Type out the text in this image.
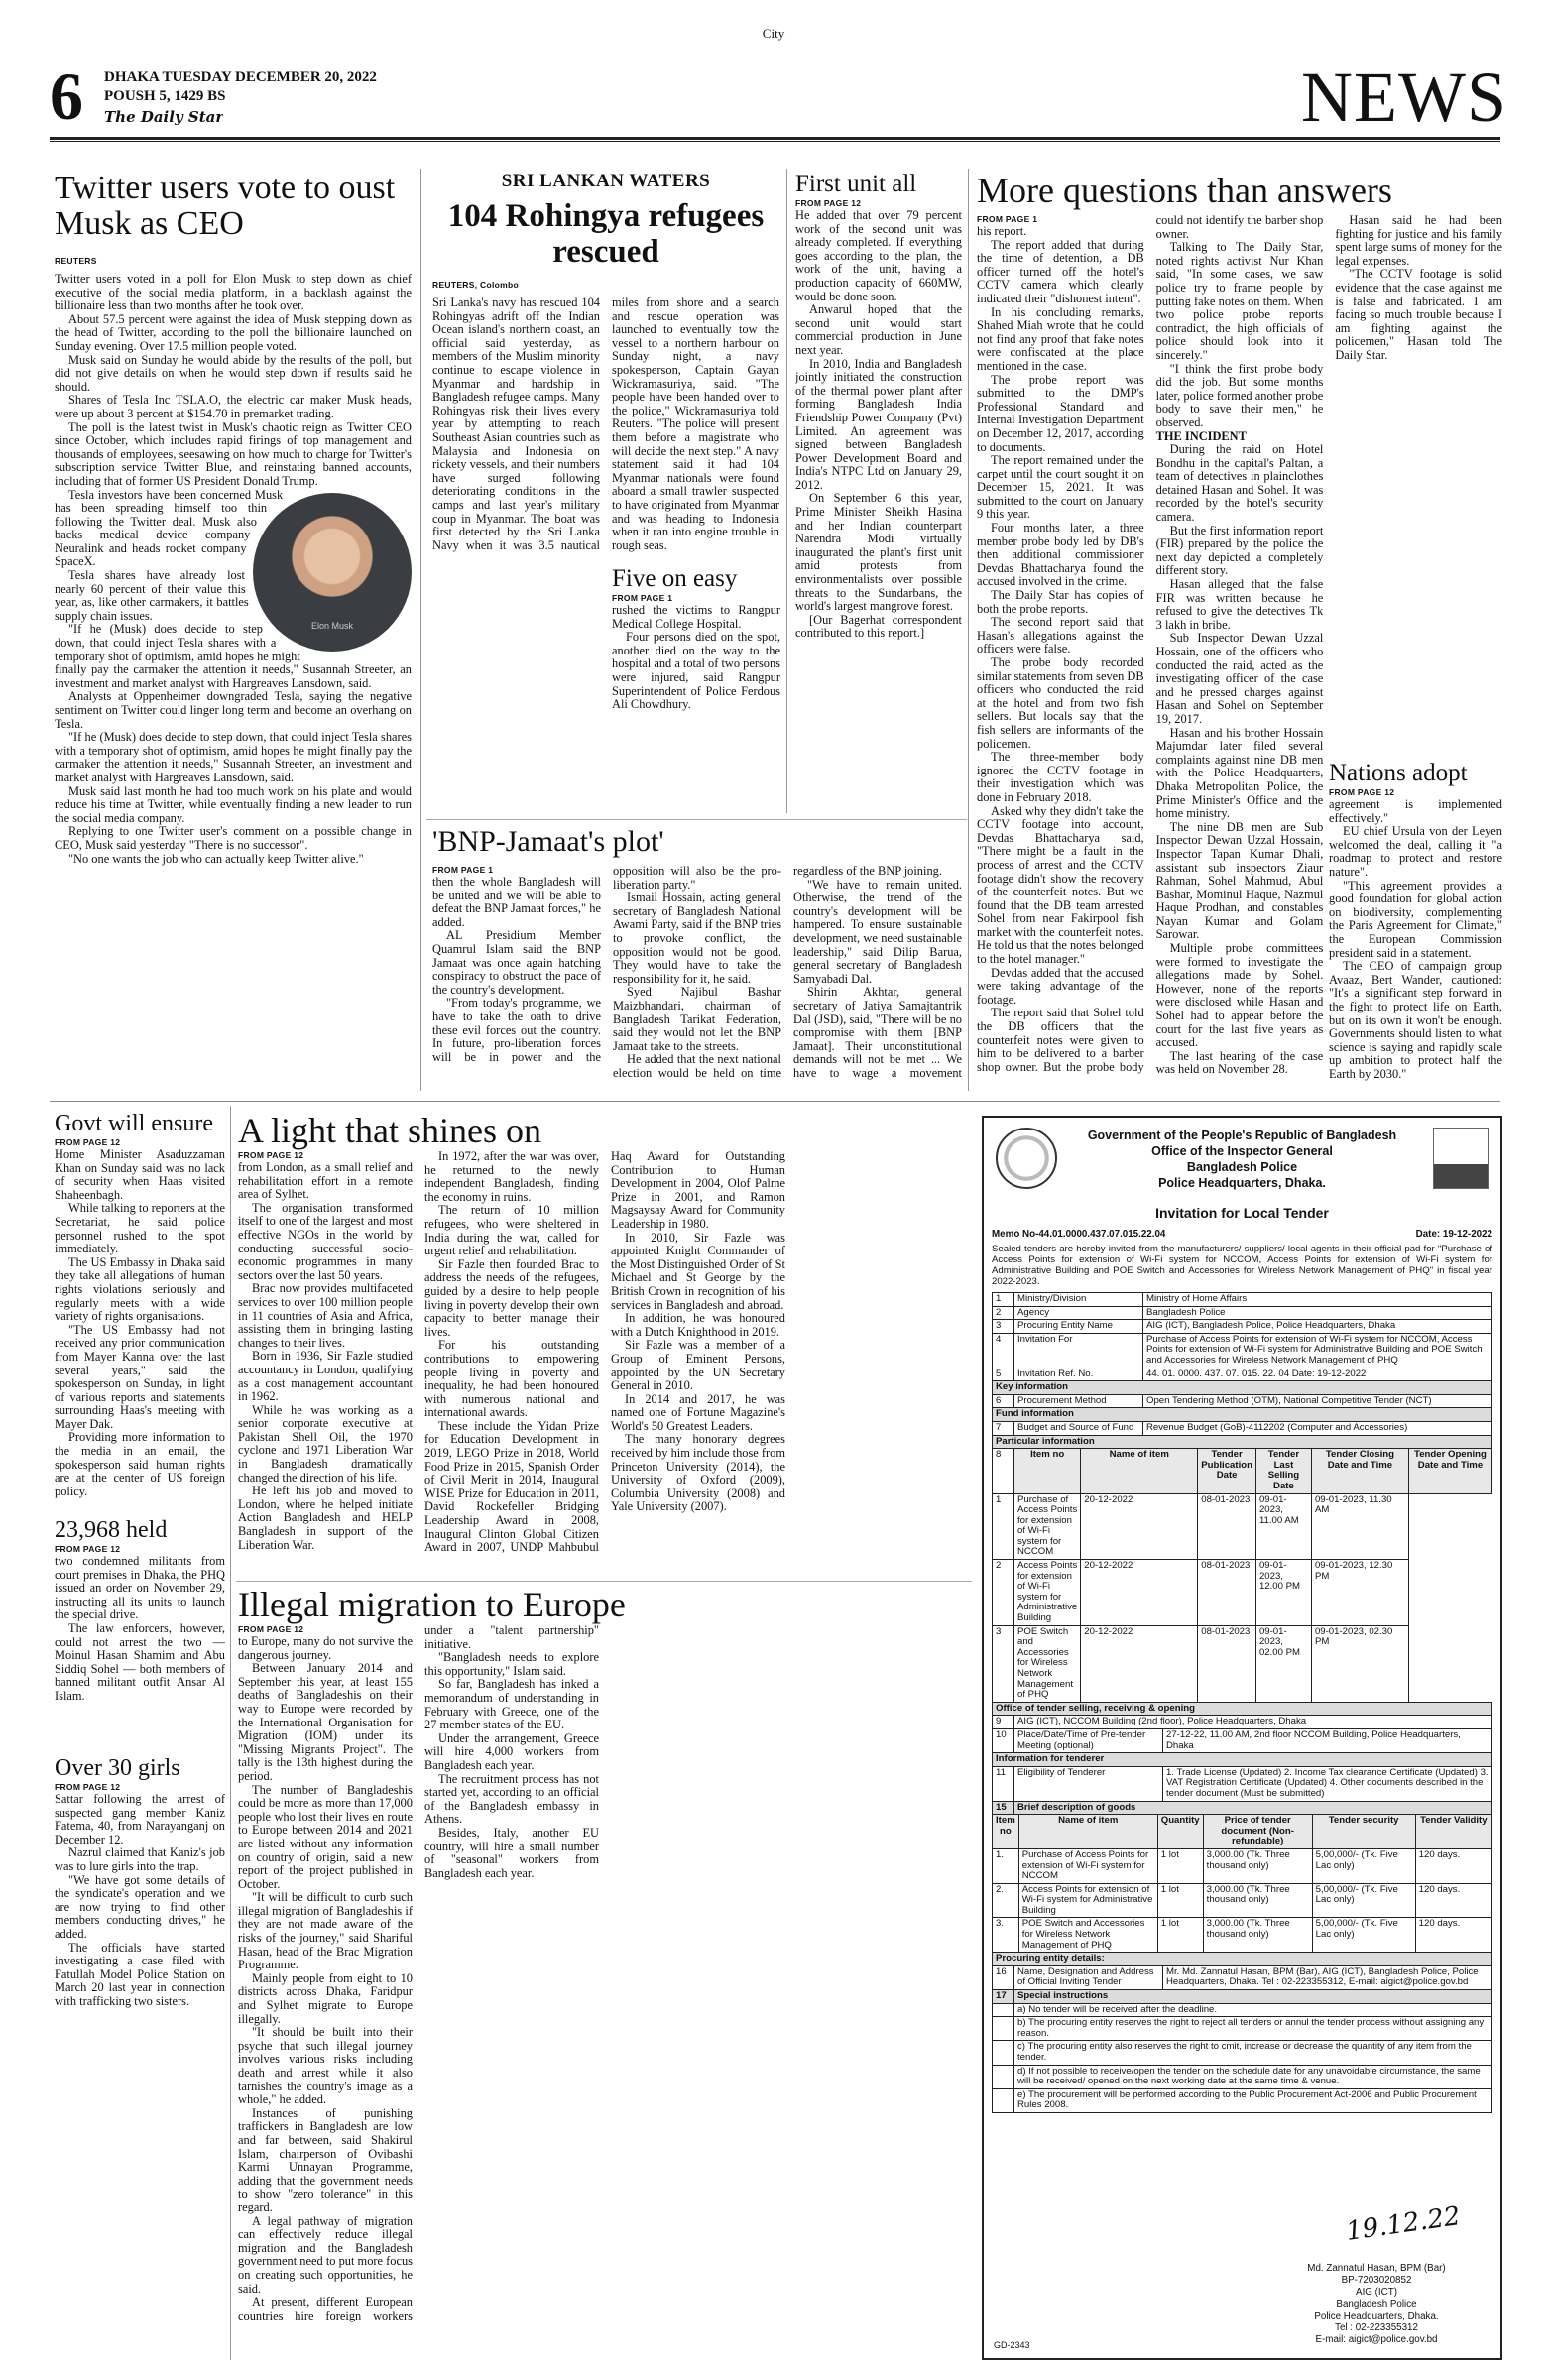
City
6 DHAKA TUESDAY DECEMBER 20, 2022
POUSH 5, 1429 BS
The Daily Star	NEWS
Twitter users vote to oust Musk as CEO
REUTERS

Twitter users voted in a poll for Elon Musk to step down as chief executive of the social media platform, in a backlash against the billionaire less than two months after he took over.

About 57.5 percent were against the idea of Musk stepping down as the head of Twitter, according to the poll the billionaire launched on Sunday evening. Over 17.5 million people voted.

Musk said on Sunday he would abide by the results of the poll, but did not give details on when he would step down if results said he should.

Shares of Tesla Inc TSLA.O, the electric car maker Musk heads, were up about 3 percent at $154.70 in premarket trading.

The poll is the latest twist in Musk's chaotic reign as Twitter CEO since October, which includes rapid firings of top management and thousands of employees, seesawing on how much to charge for Twitter's subscription service Twitter Blue, and reinstating banned accounts, including that of former US President Donald Trump.

Elon Musk

Tesla investors have been concerned Musk has been spreading himself too thin following the Twitter deal. Musk also backs medical device company Neuralink and heads rocket company SpaceX.

Tesla shares have already lost nearly 60 percent of their value this year, as, like other carmakers, it battles supply chain issues.

"If he (Musk) does decide to step down, that could inject Tesla shares with a temporary shot of optimism, amid hopes he might finally pay the carmaker the attention it needs," Susannah Streeter, an investment and market analyst with Hargreaves Lansdown, said.

Analysts at Oppenheimer downgraded Tesla, saying the negative sentiment on Twitter could linger long term and become an overhang on Tesla.

"If he (Musk) does decide to step down, that could inject Tesla shares with a temporary shot of optimism, amid hopes he might finally pay the carmaker the attention it needs," Susannah Streeter, an investment and market analyst with Hargreaves Lansdown, said.

Musk said last month he had too much work on his plate and would reduce his time at Twitter, while eventually finding a new leader to run the social media company.

Replying to one Twitter user's comment on a possible change in CEO, Musk said yesterday "There is no successor".

"No one wants the job who can actually keep Twitter alive."

SRI LANKAN WATERS
104 Rohingya refugees rescued
REUTERS, Colombo

Sri Lanka's navy has rescued 104 Rohingyas adrift off the Indian Ocean island's northern coast, an official said yesterday, as members of the Muslim minority continue to escape violence in Myanmar and hardship in Bangladesh refugee camps. Many Rohingyas risk their lives every year by attempting to reach Southeast Asian countries such as Malaysia and Indonesia on rickety vessels, and their numbers have surged following deteriorating conditions in the camps and last year's military coup in Myanmar. The boat was first detected by the Sri Lanka Navy when it was 3.5 nautical miles from shore and a search and rescue operation was launched to eventually tow the vessel to a northern harbour on Sunday night, a navy spokesperson, Captain Gayan Wickramasuriya, said. "The people have been handed over to the police," Wickramasuriya told Reuters. "The police will present them before a magistrate who will decide the next step." A navy statement said it had 104 Myanmar nationals were found aboard a small trawler suspected to have originated from Myanmar and was heading to Indonesia when it ran into engine trouble in rough seas.

Five on easy
FROM PAGE 1

rushed the victims to Rangpur Medical College Hospital.

Four persons died on the spot, another died on the way to the hospital and a total of two persons were injured, said Rangpur Superintendent of Police Ferdous Ali Chowdhury.

First unit all
FROM PAGE 12

He added that over 79 percent work of the second unit was already completed. If everything goes according to the plan, the work of the unit, having a production capacity of 660MW, would be done soon.

Anwarul hoped that the second unit would start commercial production in June next year.

In 2010, India and Bangladesh jointly initiated the construction of the thermal power plant after forming Bangladesh India Friendship Power Company (Pvt) Limited. An agreement was signed between Bangladesh Power Development Board and India's NTPC Ltd on January 29, 2012.

On September 6 this year, Prime Minister Sheikh Hasina and her Indian counterpart Narendra Modi virtually inaugurated the plant's first unit amid protests from environmentalists over possible threats to the Sundarbans, the world's largest mangrove forest.

[Our Bagerhat correspondent contributed to this report.]

'BNP-Jamaat's plot'
FROM PAGE 1

then the whole Bangladesh will be united and we will be able to defeat the BNP Jamaat forces," he added.

AL Presidium Member Quamrul Islam said the BNP Jamaat was once again hatching conspiracy to obstruct the pace of the country's development.

"From today's programme, we have to take the oath to drive these evil forces out the country. In future, pro-liberation forces will be in power and the opposition will also be the pro-liberation party."

Ismail Hossain, acting general secretary of Bangladesh National Awami Party, said if the BNP tries to provoke conflict, the opposition would not be good. They would have to take the responsibility for it, he said.

Syed Najibul Bashar Maizbhandari, chairman of Bangladesh Tarikat Federation, said they would not let the BNP Jamaat take to the streets.

He added that the next national election would be held on time regardless of the BNP joining.

"We have to remain united. Otherwise, the trend of the country's development will be hampered. To ensure sustainable development, we need sustainable leadership," said Dilip Barua, general secretary of Bangladesh Samyabadi Dal.

Shirin Akhtar, general secretary of Jatiya Samajtantrik Dal (JSD), said, "There will be no compromise with them [BNP Jamaat]. Their unconstitutional demands will not be met ... We have to wage a movement

More questions than answers
FROM PAGE 1

his report.

The report added that during the time of detention, a DB officer turned off the hotel's CCTV camera which clearly indicated their "dishonest intent".

In his concluding remarks, Shahed Miah wrote that he could not find any proof that fake notes were confiscated at the place mentioned in the case.

The probe report was submitted to the DMP's Professional Standard and Internal Investigation Department on December 12, 2017, according to documents.

The report remained under the carpet until the court sought it on December 15, 2021. It was submitted to the court on January 9 this year.

Four months later, a three member probe body led by DB's then additional commissioner Devdas Bhattacharya found the accused involved in the crime.

The Daily Star has copies of both the probe reports.

The second report said that Hasan's allegations against the officers were false.

The probe body recorded similar statements from seven DB officers who conducted the raid at the hotel and from two fish sellers. But locals say that the fish sellers are informants of the policemen.

The three-member body ignored the CCTV footage in their investigation which was done in February 2018.

Asked why they didn't take the CCTV footage into account, Devdas Bhattacharya said, "There might be a fault in the process of arrest and the CCTV footage didn't show the recovery of the counterfeit notes. But we found that the DB team arrested Sohel from near Fakirpool fish market with the counterfeit notes. He told us that the notes belonged to the hotel manager."

Devdas added that the accused were taking advantage of the footage.

The report said that Sohel told the DB officers that the counterfeit notes were given to him to be delivered to a barber shop owner. But the probe body could not identify the barber shop owner.

Talking to The Daily Star, noted rights activist Nur Khan said, "In some cases, we saw police try to frame people by putting fake notes on them. When two police probe reports contradict, the high officials of police should look into it sincerely."

"I think the first probe body did the job. But some months later, police formed another probe body to save their men," he observed.

THE INCIDENT

During the raid on Hotel Bondhu in the capital's Paltan, a team of detectives in plainclothes detained Hasan and Sohel. It was recorded by the hotel's security camera.

But the first information report (FIR) prepared by the police the next day depicted a completely different story.

Hasan alleged that the false FIR was written because he refused to give the detectives Tk 3 lakh in bribe.

Sub Inspector Dewan Uzzal Hossain, one of the officers who conducted the raid, acted as the investigating officer of the case and he pressed charges against Hasan and Sohel on September 19, 2017.

Hasan and his brother Hossain Majumdar later filed several complaints against nine DB men with the Police Headquarters, Dhaka Metropolitan Police, the Prime Minister's Office and the home ministry.

The nine DB men are Sub Inspector Dewan Uzzal Hossain, Inspector Tapan Kumar Dhali, assistant sub inspectors Ziaur Rahman, Sohel Mahmud, Abul Bashar, Mominul Haque, Nazmul Haque Prodhan, and constables Nayan Kumar and Golam Sarowar.

Multiple probe committees were formed to investigate the allegations made by Sohel. However, none of the reports were disclosed while Hasan and Sohel had to appear before the court for the last five years as accused.

The last hearing of the case was held on November 28.

Hasan said he had been fighting for justice and his family spent large sums of money for the legal expenses.

"The CCTV footage is solid evidence that the case against me is false and fabricated. I am facing so much trouble because I am fighting against the policemen," Hasan told The Daily Star.

Nations adopt
FROM PAGE 12

agreement is implemented effectively."

EU chief Ursula von der Leyen welcomed the deal, calling it "a roadmap to protect and restore nature".

"This agreement provides a good foundation for global action on biodiversity, complementing the Paris Agreement for Climate," the European Commission president said in a statement.

The CEO of campaign group Avaaz, Bert Wander, cautioned: "It's a significant step forward in the fight to protect life on Earth, but on its own it won't be enough. Governments should listen to what science is saying and rapidly scale up ambition to protect half the Earth by 2030."

Govt will ensure
FROM PAGE 12

Home Minister Asaduzzaman Khan on Sunday said was no lack of security when Haas visited Shaheenbagh.

While talking to reporters at the Secretariat, he said police personnel rushed to the spot immediately.

The US Embassy in Dhaka said they take all allegations of human rights violations seriously and regularly meets with a wide variety of rights organisations.

"The US Embassy had not received any prior communication from Mayer Kanna over the last several years," said the spokesperson on Sunday, in light of various reports and statements surrounding Haas's meeting with Mayer Dak.

Providing more information to the media in an email, the spokesperson said human rights are at the center of US foreign policy.

23,968 held
FROM PAGE 12

two condemned militants from court premises in Dhaka, the PHQ issued an order on November 29, instructing all its units to launch the special drive.

The law enforcers, however, could not arrest the two — Moinul Hasan Shamim and Abu Siddiq Sohel — both members of banned militant outfit Ansar Al Islam.

Over 30 girls
FROM PAGE 12

Sattar following the arrest of suspected gang member Kaniz Fatema, 40, from Narayanganj on December 12.

Nazrul claimed that Kaniz's job was to lure girls into the trap.

"We have got some details of the syndicate's operation and we are now trying to find other members conducting drives," he added.

The officials have started investigating a case filed with Fatullah Model Police Station on March 20 last year in connection with trafficking two sisters.

A light that shines on
FROM PAGE 12

from London, as a small relief and rehabilitation effort in a remote area of Sylhet.

The organisation transformed itself to one of the largest and most effective NGOs in the world by conducting successful socio-economic programmes in many sectors over the last 50 years.

Brac now provides multifaceted services to over 100 million people in 11 countries of Asia and Africa, assisting them in bringing lasting changes to their lives.

Born in 1936, Sir Fazle studied accountancy in London, qualifying as a cost management accountant in 1962.

While he was working as a senior corporate executive at Pakistan Shell Oil, the 1970 cyclone and 1971 Liberation War in Bangladesh dramatically changed the direction of his life.

He left his job and moved to London, where he helped initiate Action Bangladesh and HELP Bangladesh in support of the Liberation War.

In 1972, after the war was over, he returned to the newly independent Bangladesh, finding the economy in ruins.

The return of 10 million refugees, who were sheltered in India during the war, called for urgent relief and rehabilitation.

Sir Fazle then founded Brac to address the needs of the refugees, guided by a desire to help people living in poverty develop their own capacity to better manage their lives.

For his outstanding contributions to empowering people living in poverty and inequality, he had been honoured with numerous national and international awards.

These include the Yidan Prize for Education Development in 2019, LEGO Prize in 2018, World Food Prize in 2015, Spanish Order of Civil Merit in 2014, Inaugural WISE Prize for Education in 2011, David Rockefeller Bridging Leadership Award in 2008, Inaugural Clinton Global Citizen Award in 2007, UNDP Mahbubul Haq Award for Outstanding Contribution to Human Development in 2004, Olof Palme Prize in 2001, and Ramon Magsaysay Award for Community Leadership in 1980.

In 2010, Sir Fazle was appointed Knight Commander of the Most Distinguished Order of St Michael and St George by the British Crown in recognition of his services in Bangladesh and abroad.

In addition, he was honoured with a Dutch Knighthood in 2019.

Sir Fazle was a member of a Group of Eminent Persons, appointed by the UN Secretary General in 2010.

In 2014 and 2017, he was named one of Fortune Magazine's World's 50 Greatest Leaders.

The many honorary degrees received by him include those from Princeton University (2014), the University of Oxford (2009), Columbia University (2008) and Yale University (2007).

Illegal migration to Europe
FROM PAGE 12

to Europe, many do not survive the dangerous journey.

Between January 2014 and September this year, at least 155 deaths of Bangladeshis on their way to Europe were recorded by the International Organisation for Migration (IOM) under its "Missing Migrants Project". The tally is the 13th highest during the period.

The number of Bangladeshis could be more as more than 17,000 people who lost their lives en route to Europe between 2014 and 2021 are listed without any information on country of origin, said a new report of the project published in October.

"It will be difficult to curb such illegal migration of Bangladeshis if they are not made aware of the risks of the journey," said Shariful Hasan, head of the Brac Migration Programme.

Mainly people from eight to 10 districts across Dhaka, Faridpur and Sylhet migrate to Europe illegally.

"It should be built into their psyche that such illegal journey involves various risks including death and arrest while it also tarnishes the country's image as a whole," he added.

Instances of punishing traffickers in Bangladesh are low and far between, said Shakirul Islam, chairperson of Ovibashi Karmi Unnayan Programme, adding that the government needs to show "zero tolerance" in this regard.

A legal pathway of migration can effectively reduce illegal migration and the Bangladesh government need to put more focus on creating such opportunities, he said.

At present, different European countries hire foreign workers under a "talent partnership" initiative.

"Bangladesh needs to explore this opportunity," Islam said.

So far, Bangladesh has inked a memorandum of understanding in February with Greece, one of the 27 member states of the EU.

Under the arrangement, Greece will hire 4,000 workers from Bangladesh each year.

The recruitment process has not started yet, according to an official of the Bangladesh embassy in Athens.

Besides, Italy, another EU country, will hire a small number of "seasonal" workers from Bangladesh each year.

Government of the People's Republic of Bangladesh
Office of the Inspector General
Bangladesh Police
Police Headquarters, Dhaka.
Invitation for Local Tender
Memo No-44.01.0000.437.07.015.22.04	Date: 19-12-2022
Sealed tenders are hereby invited from the manufacturers/ suppliers/ local agents in their official pad for "Purchase of Access Points for extension of Wi-Fi system for NCCOM, Access Points for extension of Wi-Fi system for Administrative Building and POE Switch and Accessories for Wireless Network Management of PHQ" in fiscal year 2022-2023.
1	Ministry/Division	Ministry of Home Affairs
2	Agency	Bangladesh Police
3	Procuring Entity Name	AIG (ICT), Bangladesh Police, Police Headquarters, Dhaka
4	Invitation For	Purchase of Access Points for extension of Wi-Fi system for NCCOM, Access Points for extension of Wi-Fi system for Administrative Building and POE Switch and Accessories for Wireless Network Management of PHQ
5	Invitation Ref. No.	44. 01. 0000. 437. 07. 015. 22. 04 Date: 19-12-2022
Key information		
6	Procurement Method	Open Tendering Method (OTM), National Competitive Tender (NCT)
Fund information		
7	Budget and Source of Fund	Revenue Budget (GoB)-4112202 (Computer and Accessories)
Particular information		
8	Item no	Name of item	Tender Publication Date	Tender Last Selling Date	Tender Closing Date and Time	Tender Opening Date and Time
1	Purchase of Access Points for extension of Wi-Fi system for NCCOM	20-12-2022	08-01-2023	09-01-2023, 11.00 AM	09-01-2023, 11.30 AM	
2	Access Points for extension of Wi-Fi system for Administrative Building	20-12-2022	08-01-2023	09-01-2023, 12.00 PM	09-01-2023, 12.30 PM	
3	POE Switch and Accessories for Wireless Network Management of PHQ	20-12-2022	08-01-2023	09-01-2023, 02.00 PM	09-01-2023, 02.30 PM	
Office of tender selling, receiving & opening		
9	AIG (ICT), NCCOM Building (2nd floor), Police Headquarters, Dhaka	
10	Place/Date/Time of Pre-tender Meeting (optional)	27-12-22, 11.00 AM, 2nd floor NCCOM Building, Police Headquarters, Dhaka
Information for tenderer		
11	Eligibility of Tenderer	1. Trade License (Updated) 2. Income Tax clearance Certificate (Updated) 3. VAT Registration Certificate (Updated) 4. Other documents described in the tender document (Must be submitted)
15	Brief description of goods	
Item no	Name of item	Quantity	Price of tender document (Non-refundable)	Tender security	Tender Validity
1.	Purchase of Access Points for extension of Wi-Fi system for NCCOM	1 lot	3,000.00 (Tk. Three thousand only)	5,00,000/- (Tk. Five Lac only)	120 days.
2.	Access Points for extension of Wi-Fi system for Administrative Building	1 lot	3,000.00 (Tk. Three thousand only)	5,00,000/- (Tk. Five Lac only)	120 days.
3.	POE Switch and Accessories for Wireless Network Management of PHQ	1 lot	3,000.00 (Tk. Three thousand only)	5,00,000/- (Tk. Five Lac only)	120 days.
Procuring entity details:		
16	Name, Designation and Address of Official Inviting Tender	Mr. Md. Zannatul Hasan, BPM (Bar), AIG (ICT), Bangladesh Police, Police Headquarters, Dhaka. Tel : 02-223355312, E-mail: aigict@police.gov.bd
17	Special instructions	
	a) No tender will be received after the deadline.	
	b) The procuring entity reserves the right to reject all tenders or annul the tender process without assigning any reason.	
	c) The procuring entity also reserves the right to cmit, increase or decrease the quantity of any item from the tender.	
	d) If not possible to receive/open the tender on the schedule date for any unavoidable circumstance, the same will be received/ opened on the next working date at the same time & venue.	
	e) The procurement will be performed according to the Public Procurement Act-2006 and Public Procurement Rules 2008.	
19.12.22
Md. Zannatul Hasan, BPM (Bar)
BP-7203020852
AIG (ICT)
Bangladesh Police
Police Headquarters, Dhaka.
Tel : 02-223355312
E-mail: aigict@police.gov.bd
GD-2343
